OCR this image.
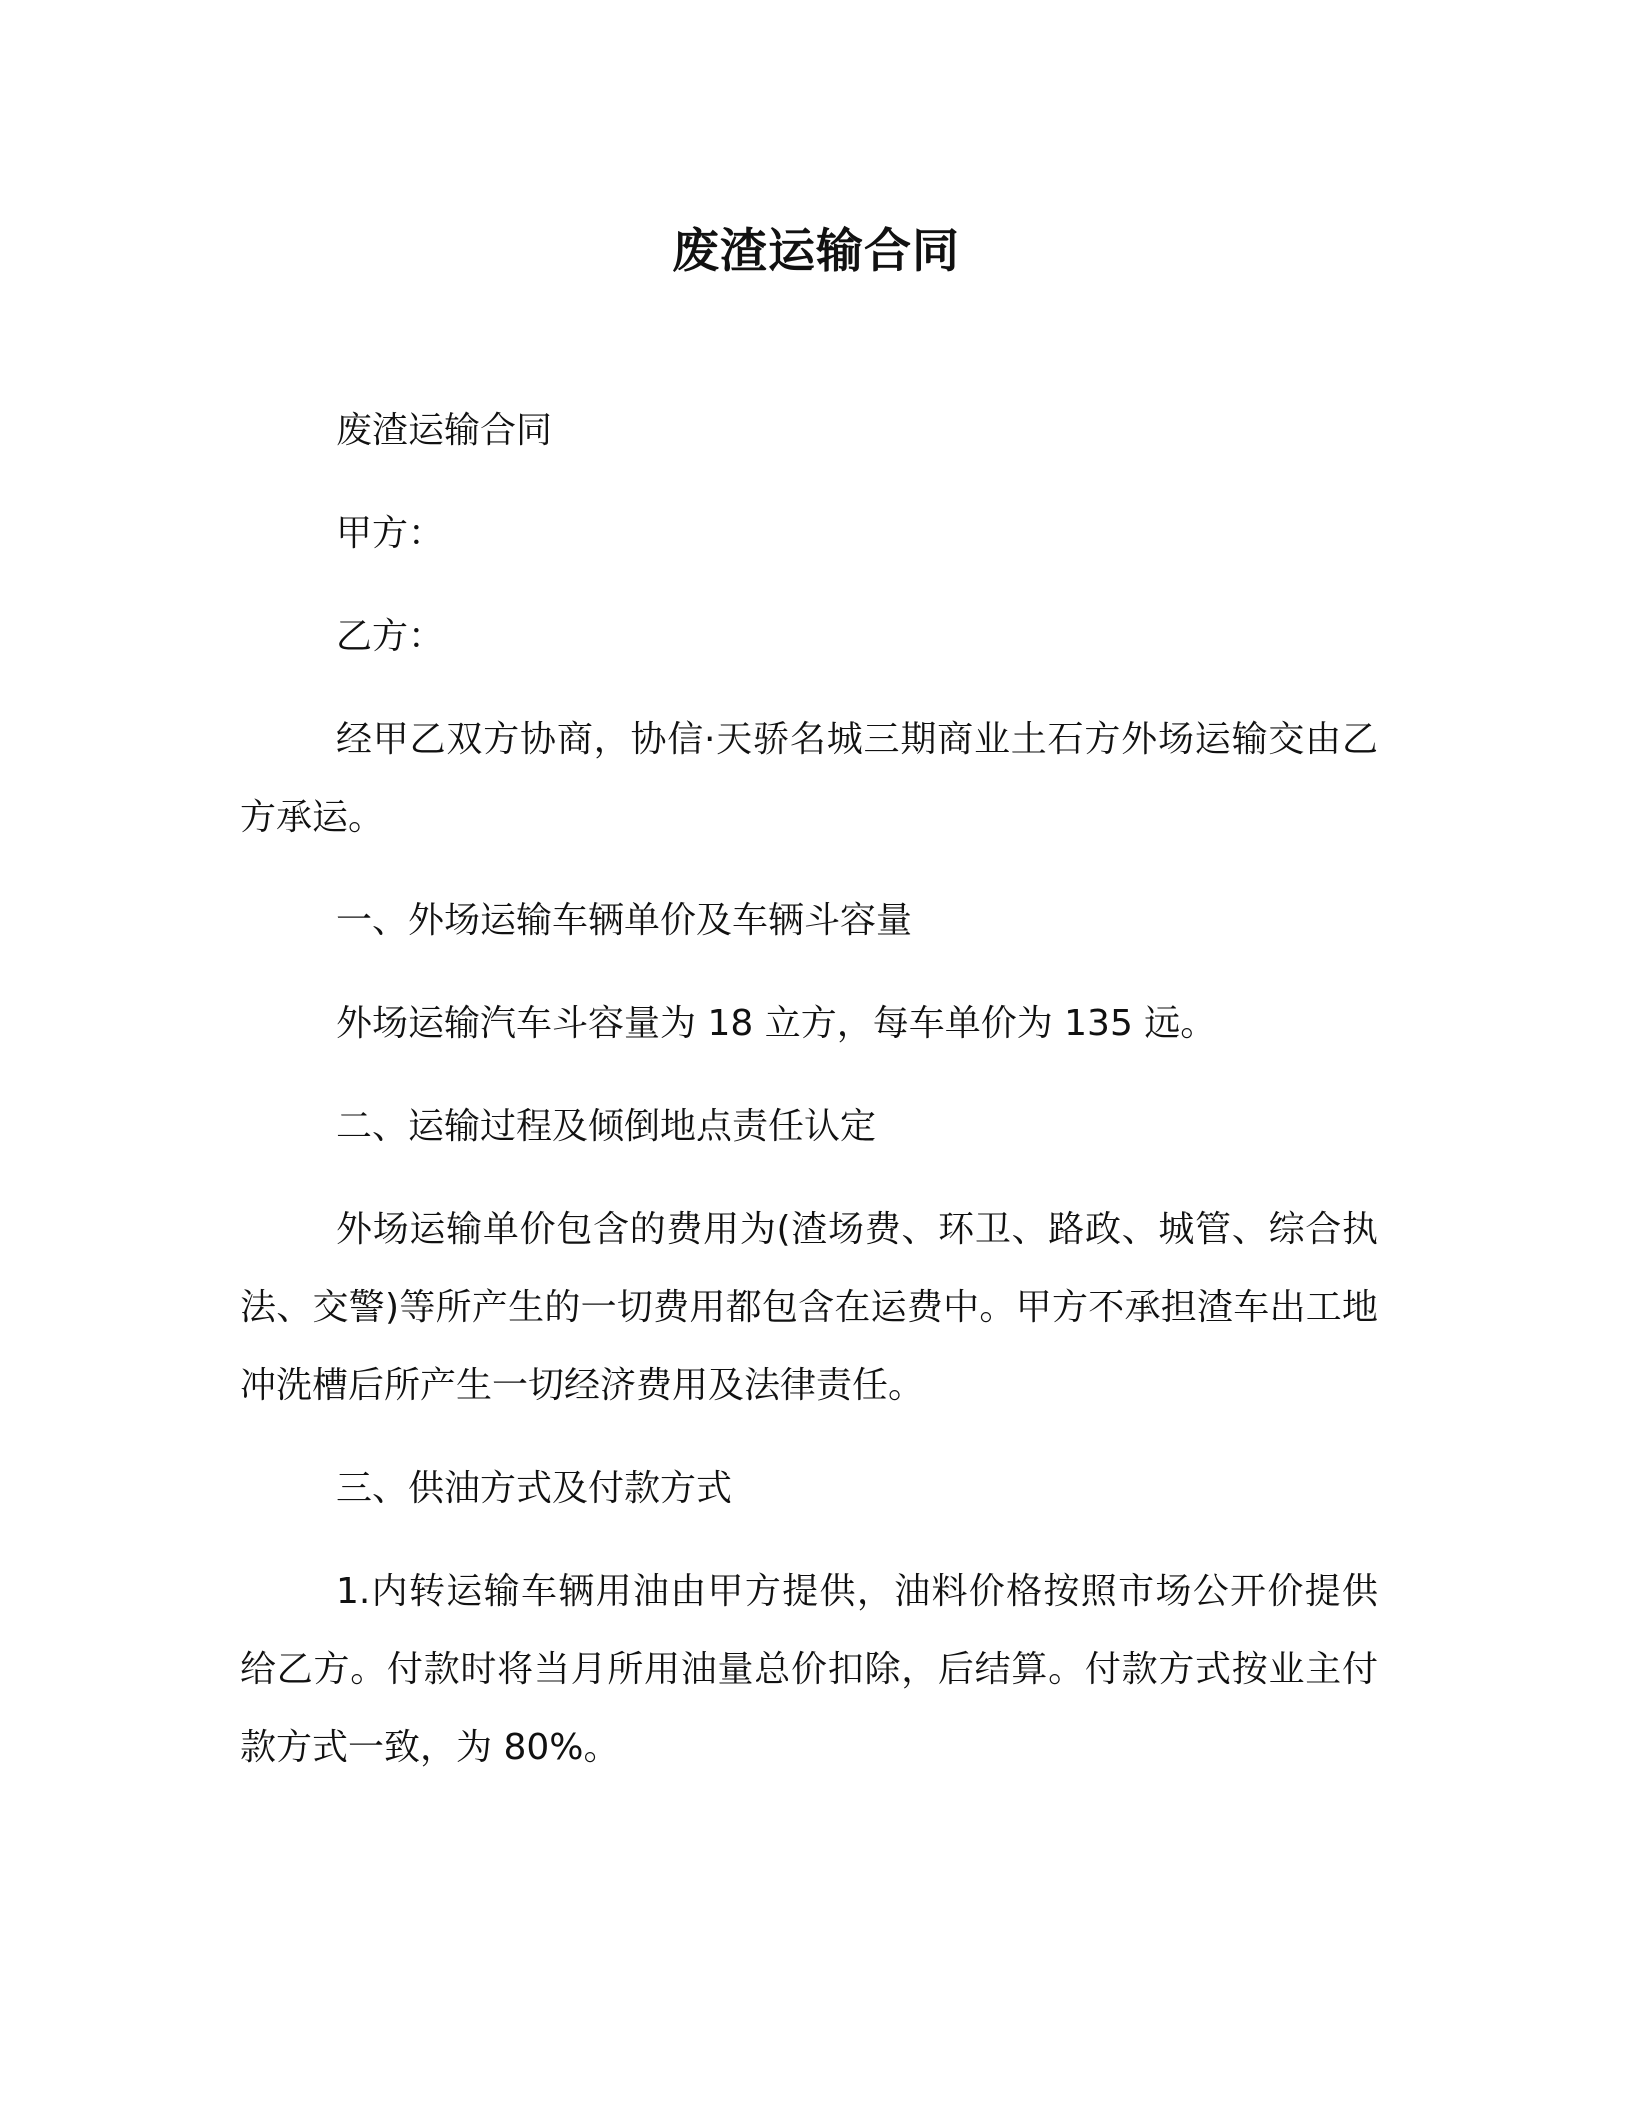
废渣运输合同

废渣运输合同

甲方：

乙方：

经甲乙双方协商，协信·天骄名城三期商业土石方外场运输交由乙方承运。

一、外场运输车辆单价及车辆斗容量

外场运输汽车斗容量为 18 立方，每车单价为 135 远。

二、运输过程及倾倒地点责任认定

外场运输单价包含的费用为(渣场费、环卫、路政、城管、综合执法、交警)等所产生的一切费用都包含在运费中。甲方不承担渣车出工地冲洗槽后所产生一切经济费用及法律责任。

三、供油方式及付款方式

1.内转运输车辆用油由甲方提供，油料价格按照市场公开价提供给乙方。付款时将当月所用油量总价扣除，后结算。付款方式按业主付款方式一致，为 80%。
